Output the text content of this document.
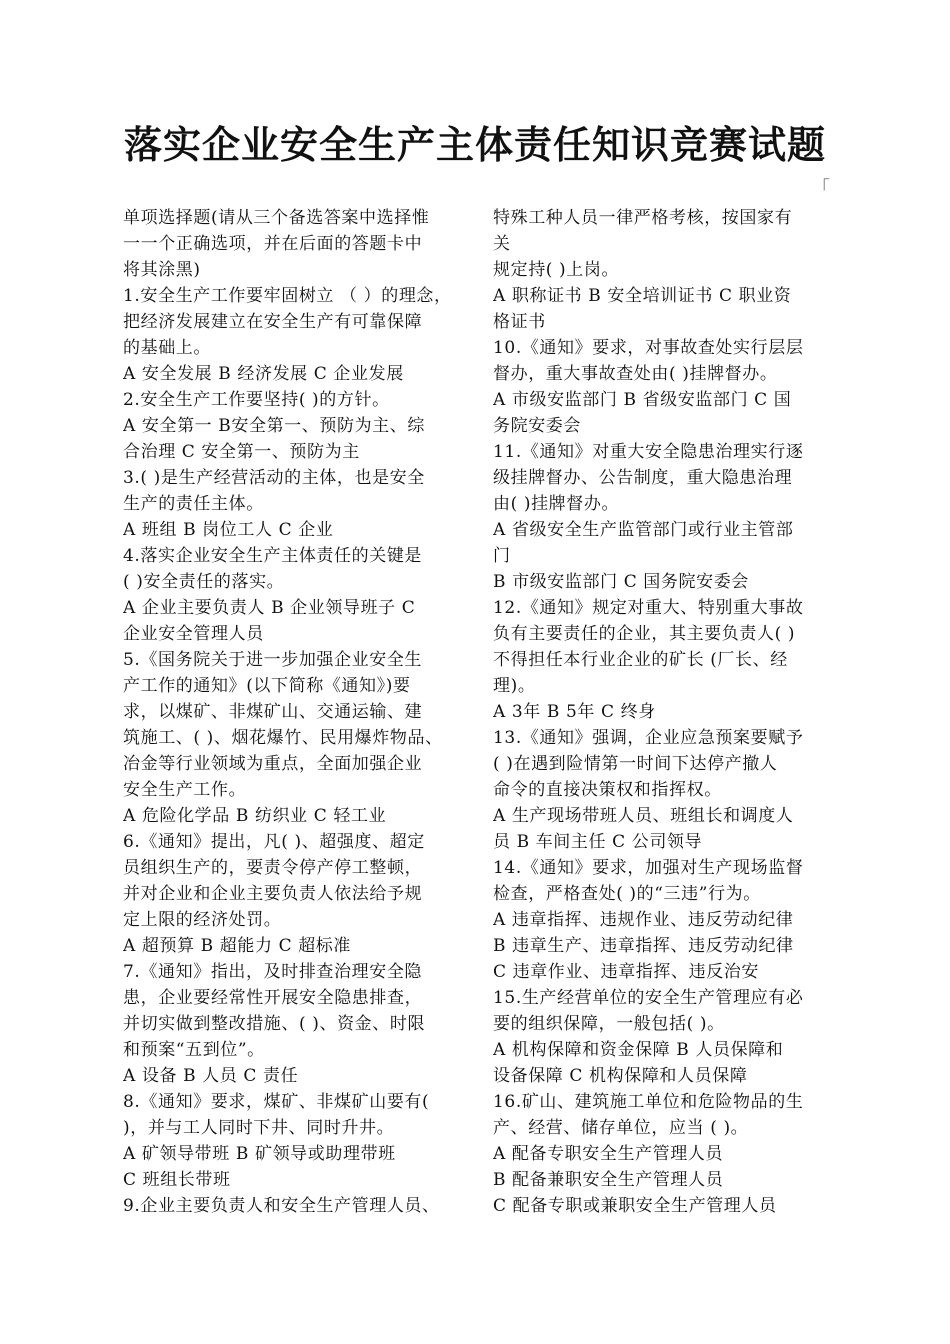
落实企业安全生产主体责任知识竞赛试题
「
单项选择题(请从三个备选答案中选择惟
一一个正确选项，并在后面的答题卡中
将其涂黑)
1.安全生产工作要牢固树立 （ ）的理念，
把经济发展建立在安全生产有可靠保障
的基础上。
A 安全发展 B 经济发展 C 企业发展
2.安全生产工作要坚持( )的方针。
A 安全第一 B安全第一、预防为主、综
合治理 C 安全第一、预防为主
3.( )是生产经营活动的主体，也是安全
生产的责任主体。
A 班组 B 岗位工人 C 企业
4.落实企业安全生产主体责任的关键是
( )安全责任的落实。
A 企业主要负责人 B 企业领导班子 C
企业安全管理人员
5.《国务院关于进一步加强企业安全生
产工作的通知》(以下简称《通知》)要
求，以煤矿、非煤矿山、交通运输、建
筑施工、( )、烟花爆竹、民用爆炸物品、
冶金等行业领域为重点，全面加强企业
安全生产工作。
A 危险化学品 B 纺织业 C 轻工业
6.《通知》提出，凡( )、超强度、超定
员组织生产的，要责令停产停工整顿，
并对企业和企业主要负责人依法给予规
定上限的经济处罚。
A 超预算 B 超能力 C 超标准
7.《通知》指出，及时排查治理安全隐
患，企业要经常性开展安全隐患排查，
并切实做到整改措施、( )、资金、时限
和预案“五到位”。
A 设备 B 人员 C 责任
8.《通知》要求，煤矿、非煤矿山要有(
)，并与工人同时下井、同时升井。
A 矿领导带班 B 矿领导或助理带班
C 班组长带班
9.企业主要负责人和安全生产管理人员、
特殊工种人员一律严格考核，按国家有
关
规定持( )上岗。
A 职称证书 B 安全培训证书 C 职业资
格证书
10.《通知》要求，对事故查处实行层层
督办，重大事故查处由( )挂牌督办。
A 市级安监部门 B 省级安监部门 C 国
务院安委会
11.《通知》对重大安全隐患治理实行逐
级挂牌督办、公告制度，重大隐患治理
由( )挂牌督办。
A 省级安全生产监管部门或行业主管部
门
B 市级安监部门 C 国务院安委会
12.《通知》规定对重大、特别重大事故
负有主要责任的企业，其主要负责人( )
不得担任本行业企业的矿长 (厂长、经
理)。
A 3年 B 5年 C 终身
13.《通知》强调，企业应急预案要赋予
( )在遇到险情第一时间下达停产撤人
命令的直接决策权和指挥权。
A 生产现场带班人员、班组长和调度人
员 B 车间主任 C 公司领导
14.《通知》要求，加强对生产现场监督
检查，严格查处( )的“三违”行为。
A 违章指挥、违规作业、违反劳动纪律
B 违章生产、违章指挥、违反劳动纪律
C 违章作业、违章指挥、违反治安
15.生产经营单位的安全生产管理应有必
要的组织保障，一般包括( )。
A 机构保障和资金保障 B 人员保障和
设备保障 C 机构保障和人员保障
16.矿山、建筑施工单位和危险物品的生
产、经营、储存单位，应当 ( )。
A 配备专职安全生产管理人员
B 配备兼职安全生产管理人员
C 配备专职或兼职安全生产管理人员
